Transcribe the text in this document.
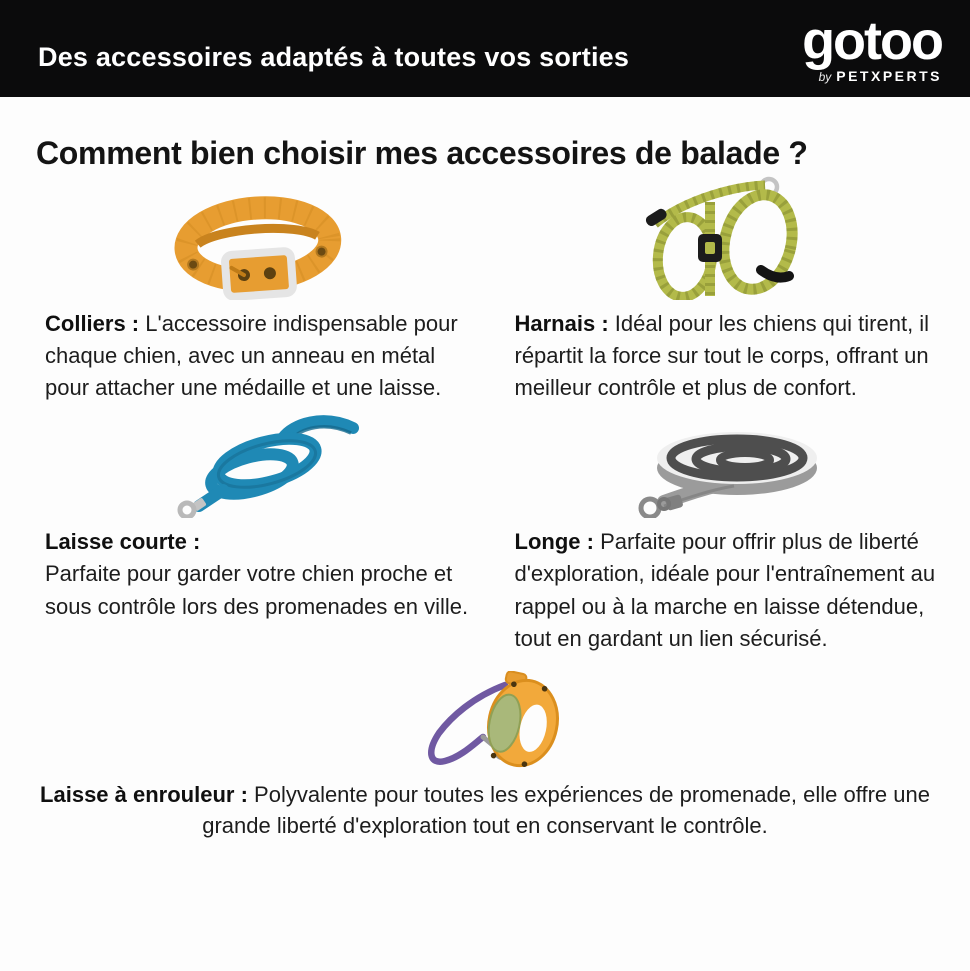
Des accessoires adaptés à toutes vos sorties	gotoo
by PETXPERTS
Comment bien choisir mes accessoires de balade ?

Colliers : L'accessoire indispensable pour chaque chien, avec un anneau en métal pour attacher une médaille et une laisse.

Harnais : Idéal pour les chiens qui tirent, il répartit la force sur tout le corps, offrant un meilleur contrôle et plus de confort.

Laisse courte :
Parfaite pour garder votre chien proche et sous contrôle lors des promenades en ville.

Longe : Parfaite pour offrir plus de liberté d'exploration, idéale pour l'entraînement au rappel ou à la marche en laisse détendue, tout en gardant un lien sécurisé.

Laisse à enrouleur : Polyvalente pour toutes les expériences de promenade, elle offre une grande liberté d'exploration tout en conservant le contrôle.
